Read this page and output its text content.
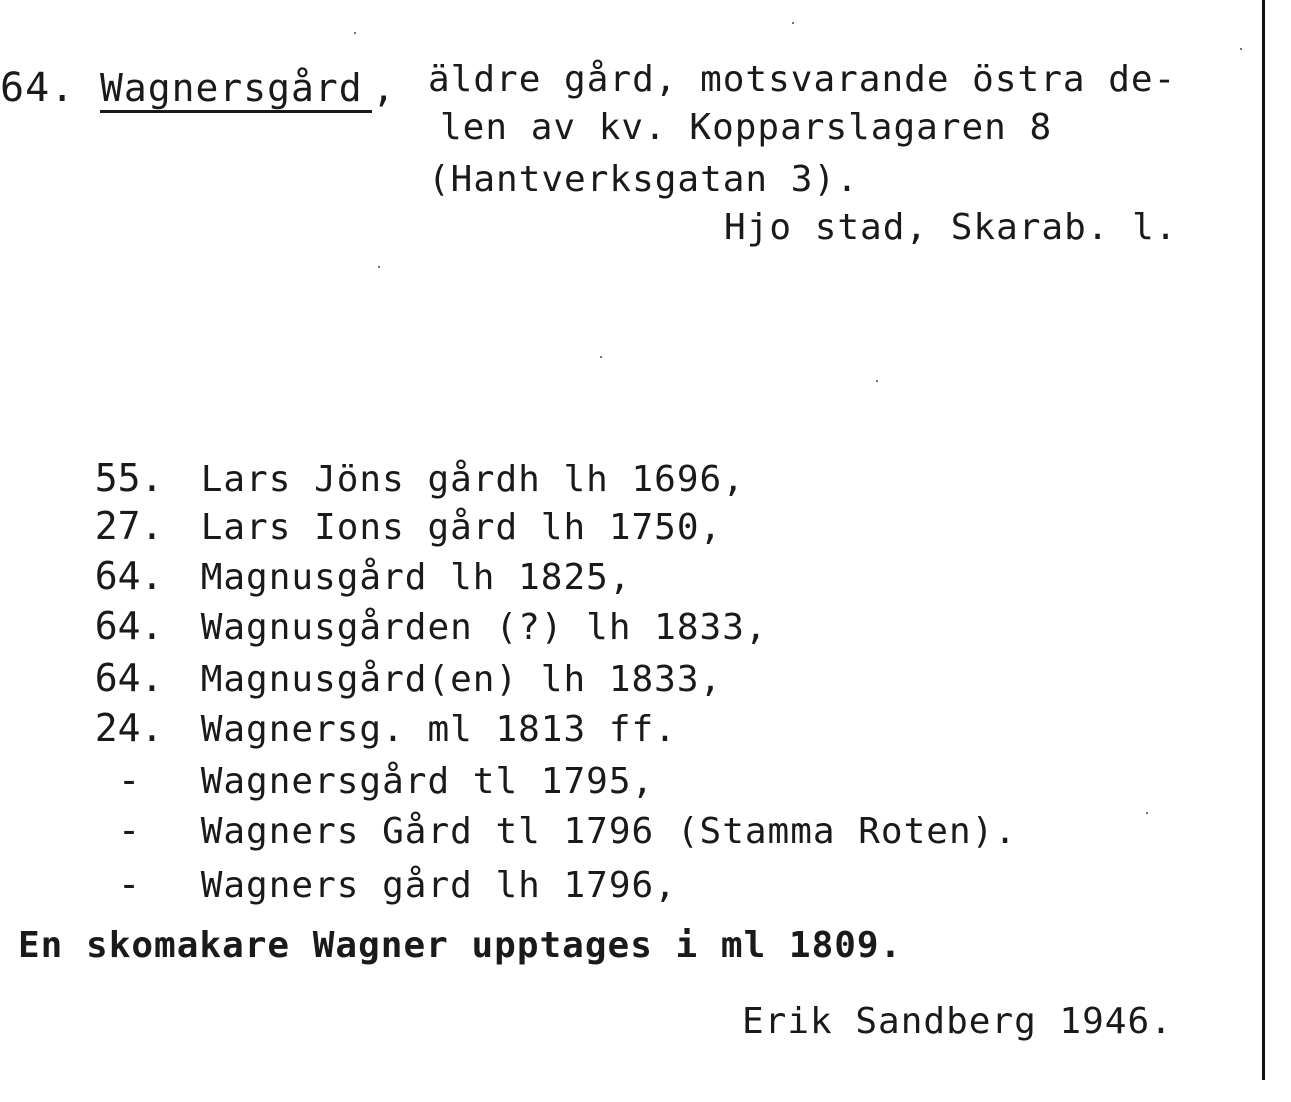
64. Wagnersgård , äldre gård, motsvarande östra de-
len av kv. Kopparslagaren 8
(Hantverksgatan 3).
Hjo stad, Skarab. l.

55. Lars Jöns gårdh lh 1696,

27. Lars Ions gård lh 1750,

64. Magnusgård lh 1825,

64. Wagnusgården (?) lh 1833,

64. Magnusgård(en) lh 1833,

24. Wagnersg. ml 1813 ff.

- Wagnersgård tl 1795,

- Wagners Gård tl 1796 (Stamma Roten).

- Wagners gård lh 1796,

En skomakare Wagner upptages i ml 1809.
Erik Sandberg 1946.
